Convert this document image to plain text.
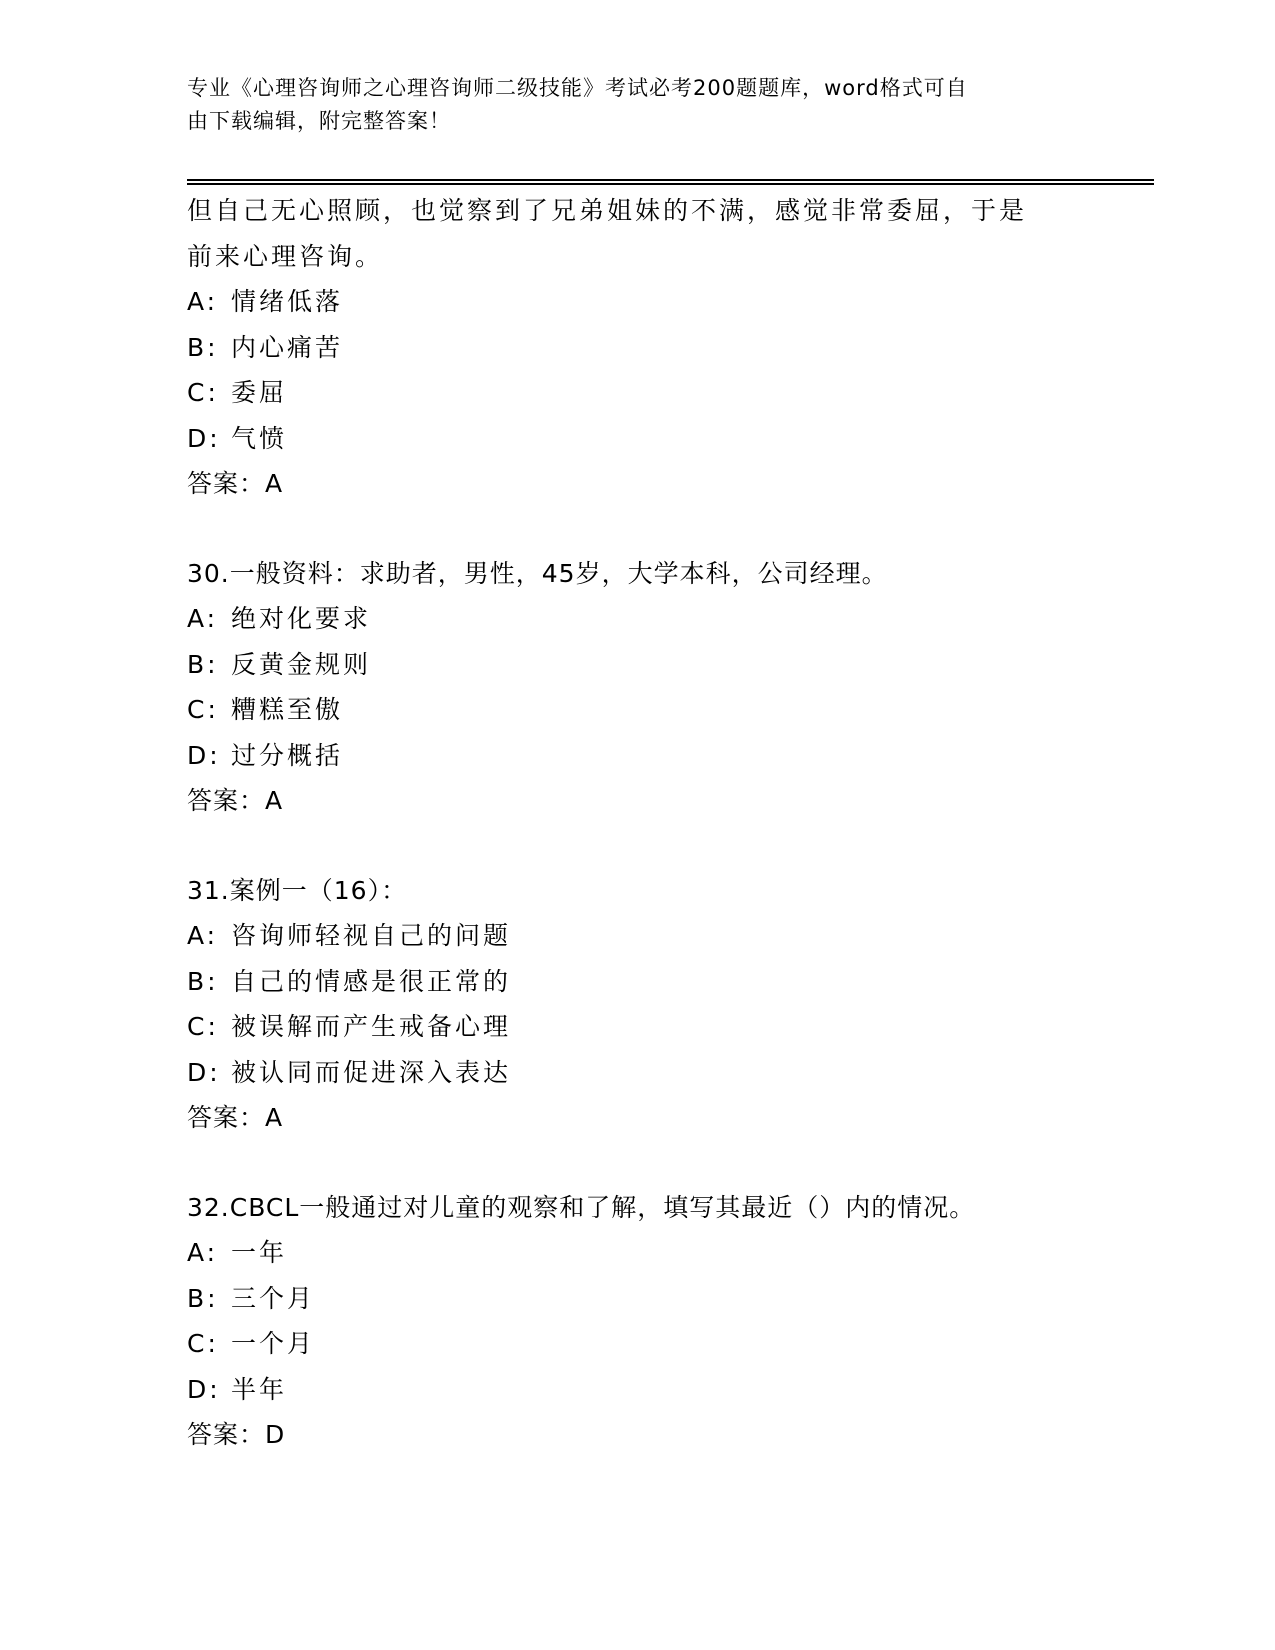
专业《心理咨询师之心理咨询师二级技能》考试必考200题题库，word格式可自
由下载编辑，附完整答案！
但自己无心照顾，也觉察到了兄弟姐妹的不满，感觉非常委屈，于是
前来心理咨询。
A: 情绪低落
B: 内心痛苦
C: 委屈
D: 气愤
答案：A
30.一般资料：求助者，男性，45岁，大学本科，公司经理。
A: 绝对化要求
B: 反黄金规则
C: 糟糕至傲
D: 过分概括
答案：A
31.案例一（16）：
A: 咨询师轻视自己的问题
B: 自己的情感是很正常的
C: 被误解而产生戒备心理
D: 被认同而促进深入表达
答案：A
32.CBCL一般通过对儿童的观察和了解，填写其最近（）内的情况。
A: 一年
B: 三个月
C: 一个月
D: 半年
答案：D
